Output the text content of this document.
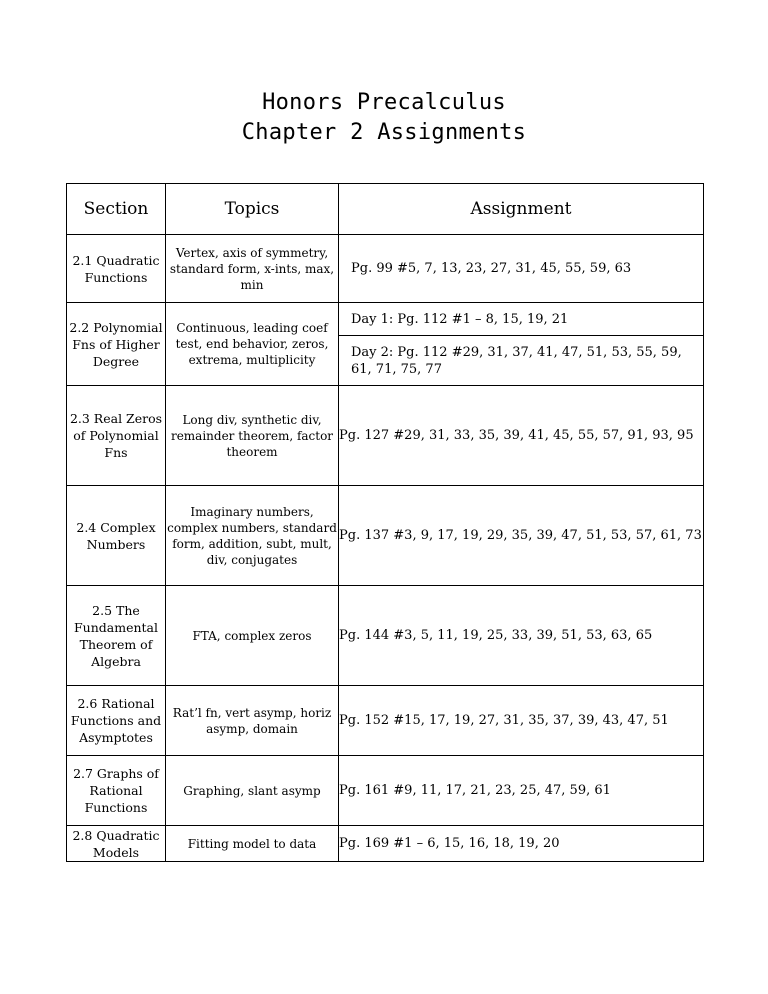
Honors Precalculus
Chapter 2 Assignments
Section	Topics	Assignment
2.1 Quadratic Functions	Vertex, axis of symmetry, standard form, x-ints, max, min	Pg. 99 #5, 7, 13, 23, 27, 31, 45, 55, 59, 63
2.2 Polynomial Fns of Higher Degree	Continuous, leading coef test, end behavior, zeros, extrema, multiplicity	Day 1: Pg. 112 #1 – 8, 15, 19, 21
		Day 2: Pg. 112 #29, 31, 37, 41, 47, 51, 53, 55, 59, 61, 71, 75, 77
2.3 Real Zeros of Polynomial Fns	Long div, synthetic div, remainder theorem, factor theorem	Pg. 127 #29, 31, 33, 35, 39, 41, 45, 55, 57, 91, 93, 95
2.4 Complex Numbers	Imaginary numbers, complex numbers, standard form, addition, subt, mult, div, conjugates	Pg. 137 #3, 9, 17, 19, 29, 35, 39, 47, 51, 53, 57, 61, 73
2.5 The Fundamental Theorem of Algebra	FTA, complex zeros	Pg. 144 #3, 5, 11, 19, 25, 33, 39, 51, 53, 63, 65
2.6 Rational Functions and Asymptotes	Rat’l fn, vert asymp, horiz asymp, domain	Pg. 152 #15, 17, 19, 27, 31, 35, 37, 39, 43, 47, 51
2.7 Graphs of Rational Functions	Graphing, slant asymp	Pg. 161 #9, 11, 17, 21, 23, 25, 47, 59, 61
2.8 Quadratic Models	Fitting model to data	Pg. 169 #1 – 6, 15, 16, 18, 19, 20
